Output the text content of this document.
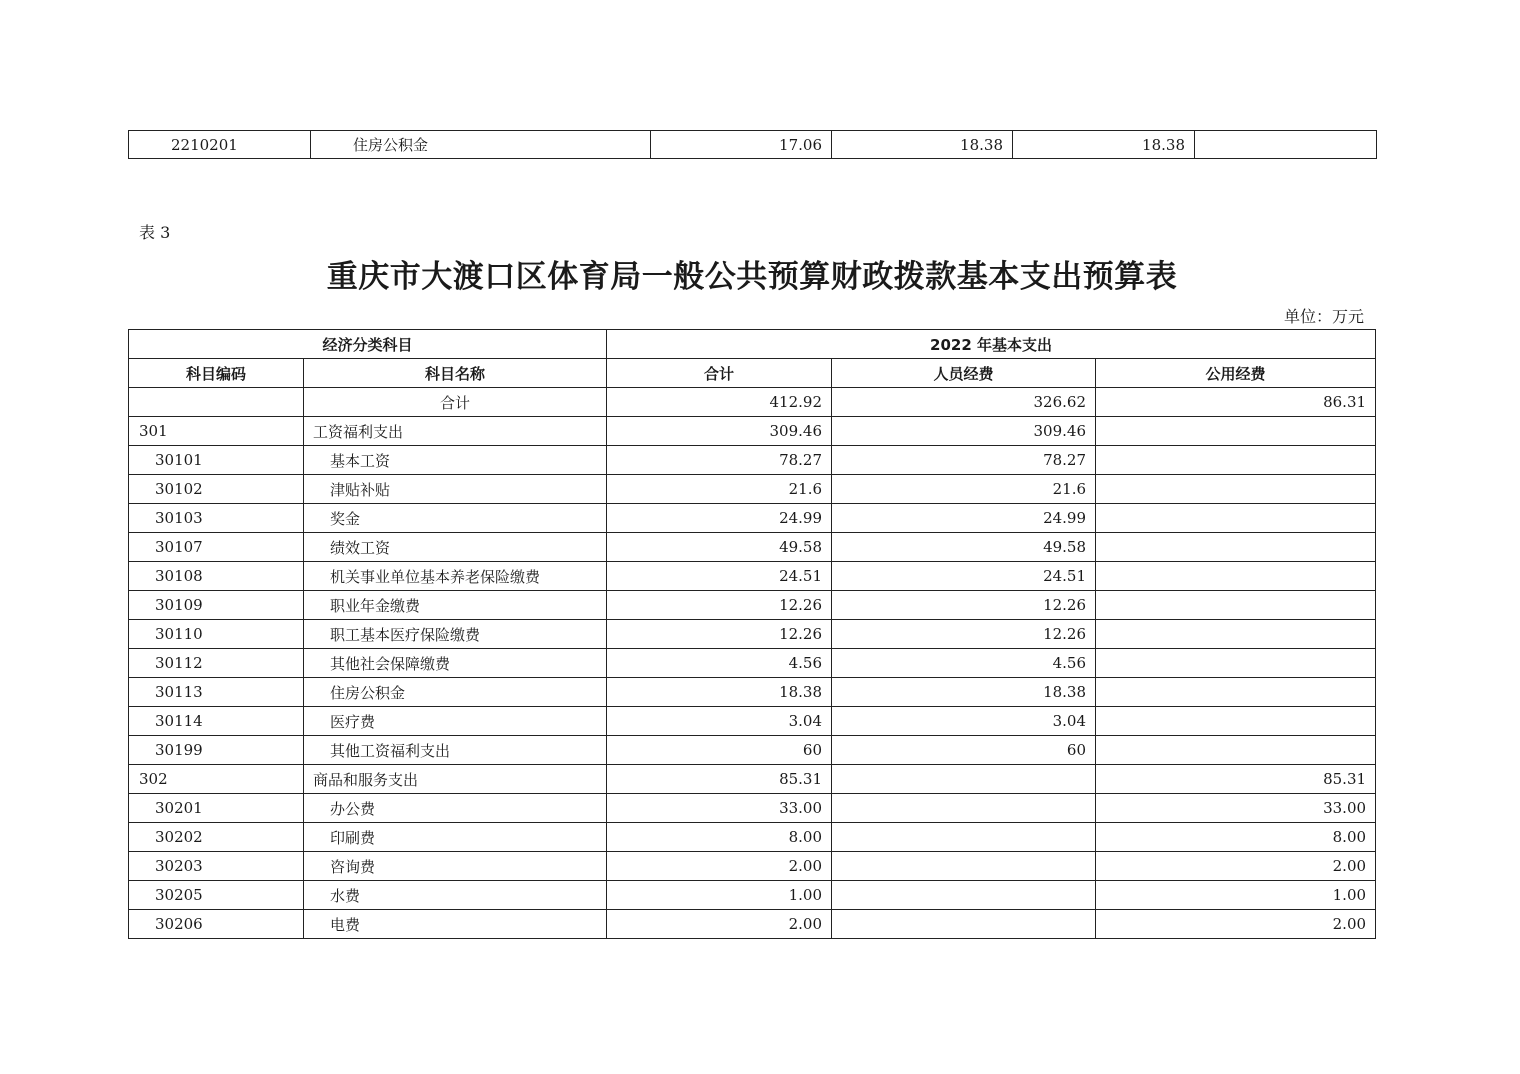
2210201	住房公积金	17.06	18.38	18.38	
表 3
重庆市大渡口区体育局一般公共预算财政拨款基本支出预算表
单位：万元
经济分类科目		2022 年基本支出		
科目编码	科目名称	合计	人员经费	公用经费
	合计	412.92	326.62	86.31
301	工资福利支出	309.46	309.46	
30101	基本工资	78.27	78.27	
30102	津贴补贴	21.6	21.6	
30103	奖金	24.99	24.99	
30107	绩效工资	49.58	49.58	
30108	机关事业单位基本养老保险缴费	24.51	24.51	
30109	职业年金缴费	12.26	12.26	
30110	职工基本医疗保险缴费	12.26	12.26	
30112	其他社会保障缴费	4.56	4.56	
30113	住房公积金	18.38	18.38	
30114	医疗费	3.04	3.04	
30199	其他工资福利支出	60	60	
302	商品和服务支出	85.31		85.31
30201	办公费	33.00		33.00
30202	印刷费	8.00		8.00
30203	咨询费	2.00		2.00
30205	水费	1.00		1.00
30206	电费	2.00		2.00
